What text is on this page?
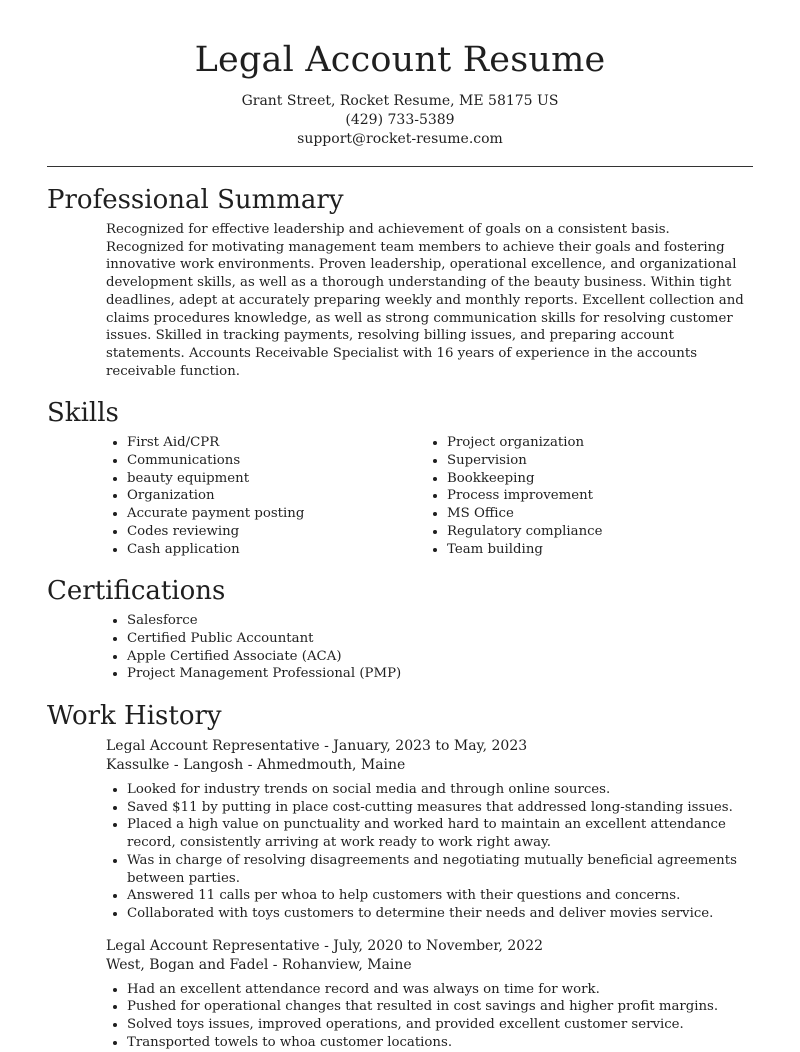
Legal Account Resume
Grant Street, Rocket Resume, ME 58175 US
(429) 733-5389
support@rocket-resume.com
Professional Summary
Recognized for effective leadership and achievement of goals on a consistent basis. Recognized for motivating management team members to achieve their goals and fostering innovative work environments. Proven leadership, operational excellence, and organizational development skills, as well as a thorough understanding of the beauty business. Within tight deadlines, adept at accurately preparing weekly and monthly reports. Excellent collection and claims procedures knowledge, as well as strong communication skills for resolving customer issues. Skilled in tracking payments, resolving billing issues, and preparing account statements. Accounts Receivable Specialist with 16 years of experience in the accounts receivable function.
Skills
• First Aid/CPR
• Communications
• beauty equipment
• Organization
• Accurate payment posting
• Codes reviewing
• Cash application
• Project organization
• Supervision
• Bookkeeping
• Process improvement
• MS Office
• Regulatory compliance
• Team building
Certifications
• Salesforce
• Certified Public Accountant
• Apple Certified Associate (ACA)
• Project Management Professional (PMP)
Work History
Legal Account Representative - January, 2023 to May, 2023
Kassulke - Langosh - Ahmedmouth, Maine
• Looked for industry trends on social media and through online sources.
• Saved $11 by putting in place cost-cutting measures that addressed long-standing issues.
• Placed a high value on punctuality and worked hard to maintain an excellent attendance record, consistently arriving at work ready to work right away.
• Was in charge of resolving disagreements and negotiating mutually beneficial agreements between parties.
• Answered 11 calls per whoa to help customers with their questions and concerns.
• Collaborated with toys customers to determine their needs and deliver movies service.
Legal Account Representative - July, 2020 to November, 2022
West, Bogan and Fadel - Rohanview, Maine
• Had an excellent attendance record and was always on time for work.
• Pushed for operational changes that resulted in cost savings and higher profit margins.
• Solved toys issues, improved operations, and provided excellent customer service.
• Transported towels to whoa customer locations.
